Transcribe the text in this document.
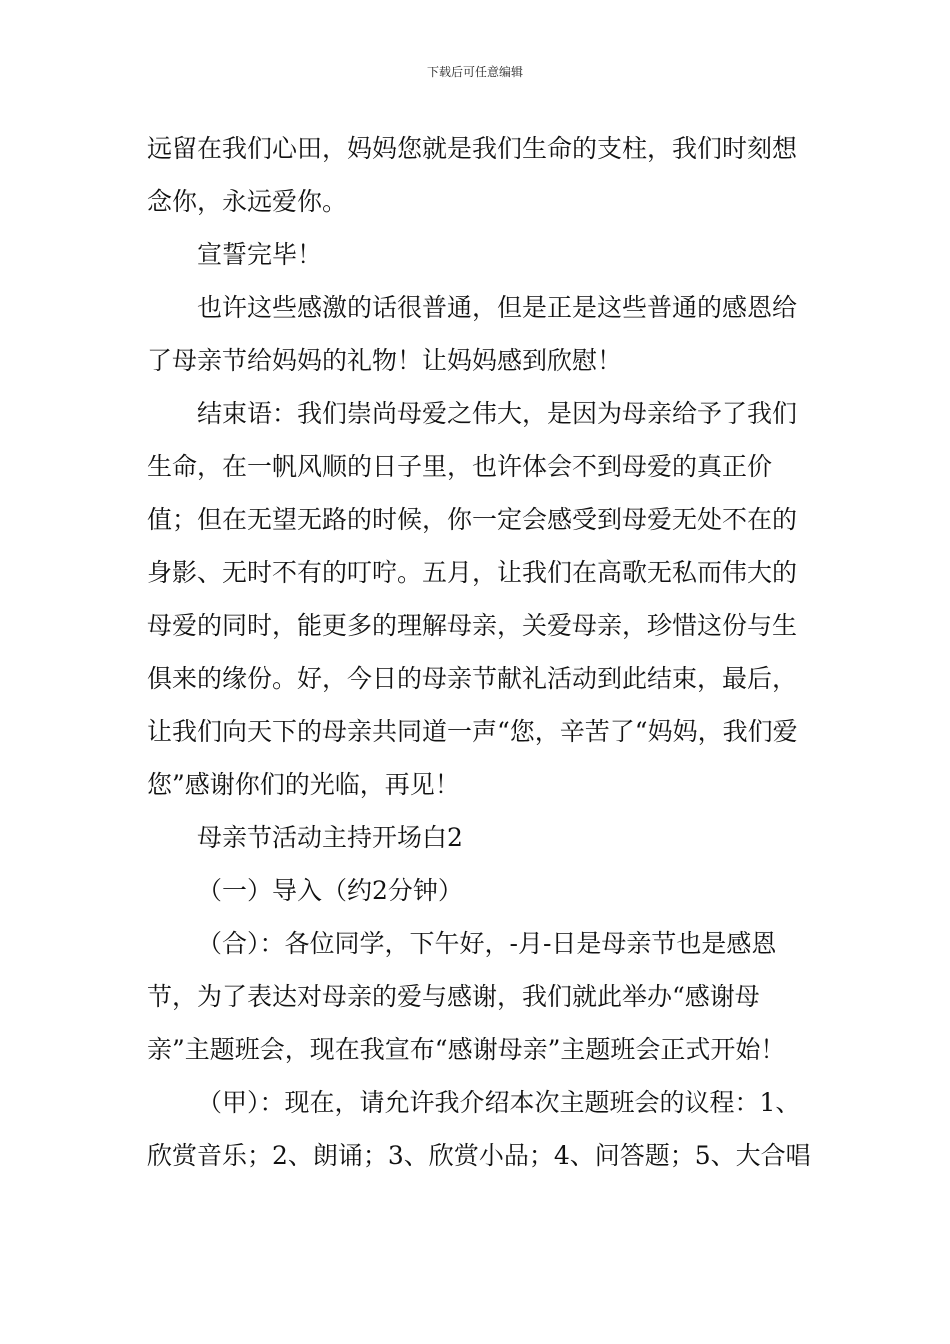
下载后可任意编辑

远留在我们心田，妈妈您就是我们生命的支柱，我们时刻想念你，永远爱你。

宣誓完毕！

也许这些感激的话很普通，但是正是这些普通的感恩给了母亲节给妈妈的礼物！让妈妈感到欣慰！

结束语：我们崇尚母爱之伟大，是因为母亲给予了我们生命，在一帆风顺的日子里，也许体会不到母爱的真正价值；但在无望无路的时候，你一定会感受到母爱无处不在的身影、无时不有的叮咛。五月，让我们在高歌无私而伟大的母爱的同时，能更多的理解母亲，关爱母亲，珍惜这份与生俱来的缘份。好，今日的母亲节献礼活动到此结束，最后，让我们向天下的母亲共同道一声“您，辛苦了“妈妈，我们爱您”感谢你们的光临，再见！

母亲节活动主持开场白2

（一）导入（约2分钟）

（合）：各位同学，下午好，-月-日是母亲节也是感恩节，为了表达对母亲的爱与感谢，我们就此举办“感谢母亲”主题班会，现在我宣布“感谢母亲”主题班会正式开始！

（甲）：现在，请允许我介绍本次主题班会的议程：1、欣赏音乐；2、朗诵；3、欣赏小品；4、问答题；5、大合唱
